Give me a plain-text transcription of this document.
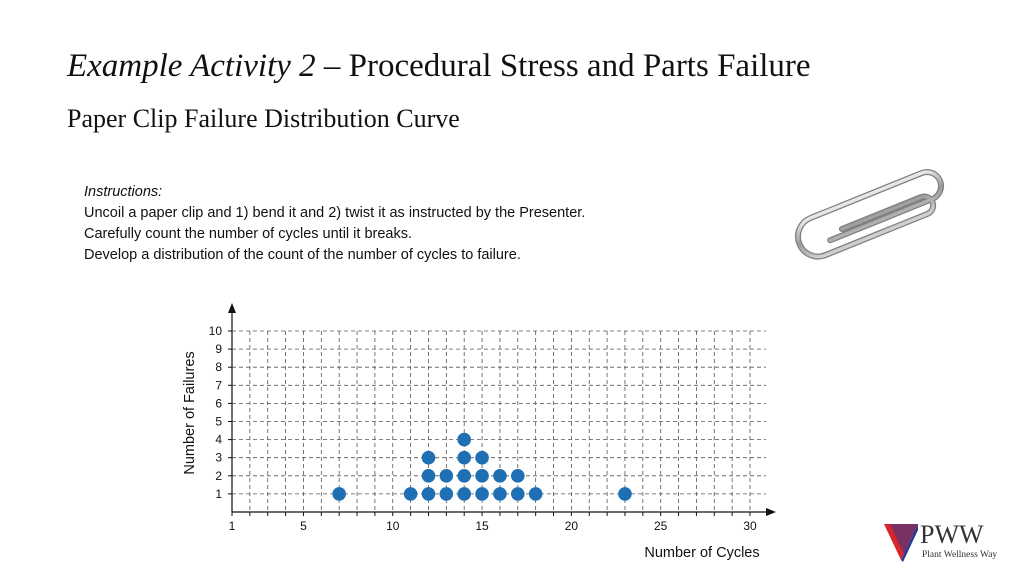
Example Activity 2 – Procedural Stress and Parts Failure
Paper Clip Failure Distribution Curve
Instructions:
Uncoil a paper clip and 1) bend it and 2) twist it as instructed by the Presenter.
Carefully count the number of cycles until it breaks.
Develop a distribution of the count of the number of cycles to failure.
1	5	10	15	20	25	30
1
2
3
4
5
6
7
8
9
10
Number of Cycles
Number of Failures
PWW
Plant Wellness Way
